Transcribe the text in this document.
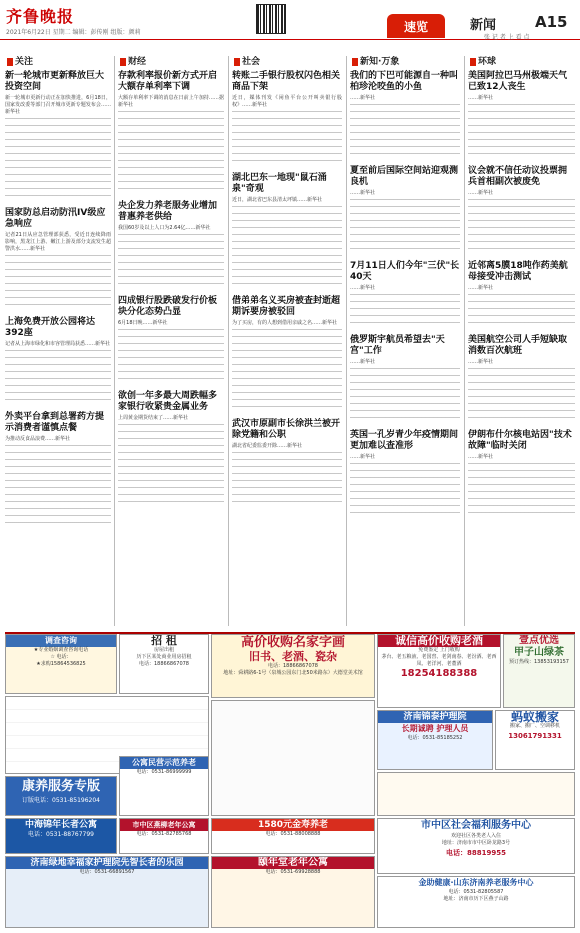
齐鲁晚报
2021年6月22日 星期二 编辑：彭传刚 组版：颜莉	速览	新闻	A15
张 记 者 上 看 点
关注
新一轮城市更新释放巨大投资空间
新一轮城市更新行动正在加快推进，6月18日，国家发改委等部门召开城市更新专题发布会……新华社
国家防总启动防汛IV级应急响应
记者21日从应急管理部获悉，受近日连续降雨影响，黑龙江上游、嫩江上游及部分支流发生超警洪水……新华社
上海免费开放公园将达392座
记者从上海市绿化和市容管理局获悉……新华社
外卖平台拿到总署药方提示消费者谨慎点餐
为推动反食品浪费……新华社
财经
存款利率报价新方式开启大额存单利率下调
大额存单利率下调的消息在日前上午加持……据新华社
央企发力养老服务业增加普惠养老供给
我国60岁及以上人口为2.64亿……新华社
四成银行股跌破发行价板块分化态势凸显
6月18日晚……新华社
欲创一年多最大周跌幅多家银行收紧贵金属业务
上周黄金期货结束了……新华社
社会
转账二手银行股权闪色相关商品下架
近日，媒体刊发《闲鱼平台公开叫卖银行股权》……新华社
湖北巴东一地现"鼠石涌泉"奇观
近日，湖北省巴东县清太坪镇……新华社
借弟弟名义买房被查封逝超期诉要房被驳回
为了买房，有的人想到借用亲戚之名……新华社
武汉市原副市长徐洪兰被开除党籍和公职
湖北省纪委监委开除……新华社
新知·万象
我们的下巴可能源自一种叫柏珍沦咬鱼的小鱼
……新华社
夏至前后国际空间站迎观测良机
……新华社
7月11日人们今年"三伏"长40天
……新华社
俄罗斯宇航员希望去"天宫"工作
……新华社
英国一孔岁青少年疫情期间更加难以查准形
……新华社
环球
美国阿拉巴马州极端天气已致12人丧生
……新华社
议会就不信任动议投票拥兵首相副次被废免
……新华社
近邻离5膜18吨作药美航母接受冲击测试
……新华社
美国航空公司人手短缺取消数百次航班
……新华社
伊朗布什尔核电站因"技术故障"临时关闭
……新华社
调查咨询
★专业婚姻调查咨询电话
☆ 电话：
★求购15864536825
招 租
房屋出租
历下区某处商业用房招租
电话：18866867078
高价收购名家字画
旧书、老酒、瓷杂
电话：18866867078
地址：舜耕路6-1号（泉城公园东门北50米路东）大德堂美术馆
诚信高价收购老酒
免费鉴定 上门收购
茅台、老五粮液、老国窖、老剑南春、老汾酒、老西凤、老洋河、老董酒
18254188388
壹点优选
甲子山绿茶
预订热线：13853193157
康养服务专版
订版电话：0531-85196204
公寓民营示范养老
电话：0531-86999999
济南锦泰护理院
长期诚聘 护理人员
电话：0531-85185252
蚂蚁搬家
搬家、搬厂、空调移机
13061791331
中海锦年长者公寓
电话：0531-88767799
市中区燕柳老年公寓
电话：0531-82785768
1580元金寿养老
电话：0531-88008888
市中区社会福利服务中心
欢迎社区各类老人入住
地址：济南市市中区卧龙路3号
电话：88819955
济南绿地幸福家护理院先智长者的乐园
电话：0531-66891567
颐年堂老年公寓
电话：0531-69928888
金助健康·山东济南养老服务中心
电话：0531-82805587
地址：济南市历下区燕子山路
